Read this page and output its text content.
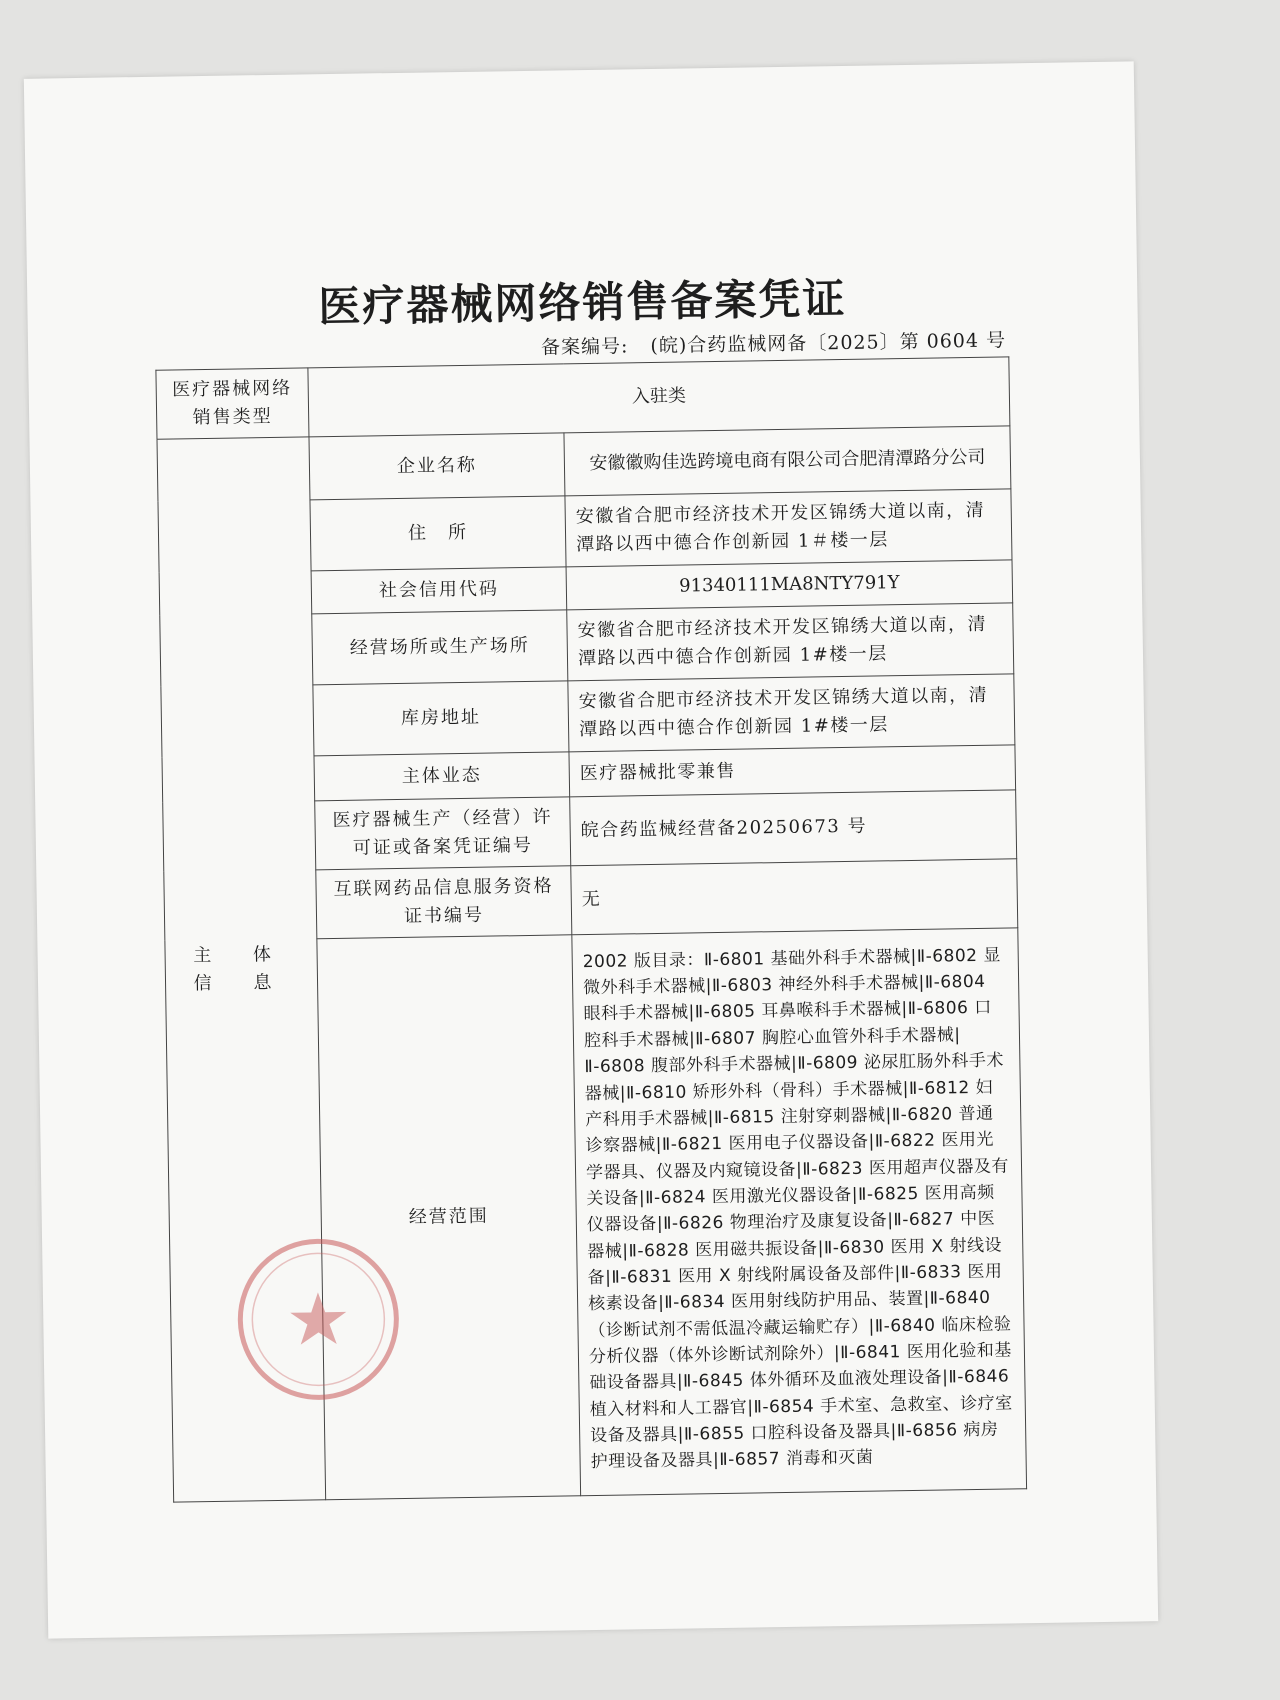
医疗器械网络销售备案凭证
备案编号: (皖)合药监械网备〔2025〕第 0604 号
医疗器械网络销售类型	入驻类	

主 体
信 息	企业名称	安徽徽购佳选跨境电商有限公司合肥清潭路分公司
	住　所	安徽省合肥市经济技术开发区锦绣大道以南，清潭路以西中德合作创新园 1＃楼一层
	社会信用代码	91340111MA8NTY791Y
	经营场所或生产场所	安徽省合肥市经济技术开发区锦绣大道以南，清潭路以西中德合作创新园 1#楼一层
	库房地址	安徽省合肥市经济技术开发区锦绣大道以南，清潭路以西中德合作创新园 1#楼一层
	主体业态	医疗器械批零兼售
	医疗器械生产（经营）许可证或备案凭证编号	皖合药监械经营备20250673 号
	互联网药品信息服务资格证书编号	无
	经营范围	2002 版目录：Ⅱ-6801 基础外科手术器械|Ⅱ-6802 显微外科手术器械|Ⅱ-6803 神经外科手术器械|Ⅱ-6804 眼科手术器械|Ⅱ-6805 耳鼻喉科手术器械|Ⅱ-6806 口腔科手术器械|Ⅱ-6807 胸腔心血管外科手术器械|Ⅱ-6808 腹部外科手术器械|Ⅱ-6809 泌尿肛肠外科手术器械|Ⅱ-6810 矫形外科（骨科）手术器械|Ⅱ-6812 妇产科用手术器械|Ⅱ-6815 注射穿刺器械|Ⅱ-6820 普通诊察器械|Ⅱ-6821 医用电子仪器设备|Ⅱ-6822 医用光学器具、仪器及内窥镜设备|Ⅱ-6823 医用超声仪器及有关设备|Ⅱ-6824 医用激光仪器设备|Ⅱ-6825 医用高频仪器设备|Ⅱ-6826 物理治疗及康复设备|Ⅱ-6827 中医器械|Ⅱ-6828 医用磁共振设备|Ⅱ-6830 医用 X 射线设备|Ⅱ-6831 医用 X 射线附属设备及部件|Ⅱ-6833 医用核素设备|Ⅱ-6834 医用射线防护用品、装置|Ⅱ-6840（诊断试剂不需低温冷藏运输贮存）|Ⅱ-6840 临床检验分析仪器（体外诊断试剂除外）|Ⅱ-6841 医用化验和基础设备器具|Ⅱ-6845 体外循环及血液处理设备|Ⅱ-6846 植入材料和人工器官|Ⅱ-6854 手术室、急救室、诊疗室设备及器具|Ⅱ-6855 口腔科设备及器具|Ⅱ-6856 病房护理设备及器具|Ⅱ-6857 消毒和灭菌
